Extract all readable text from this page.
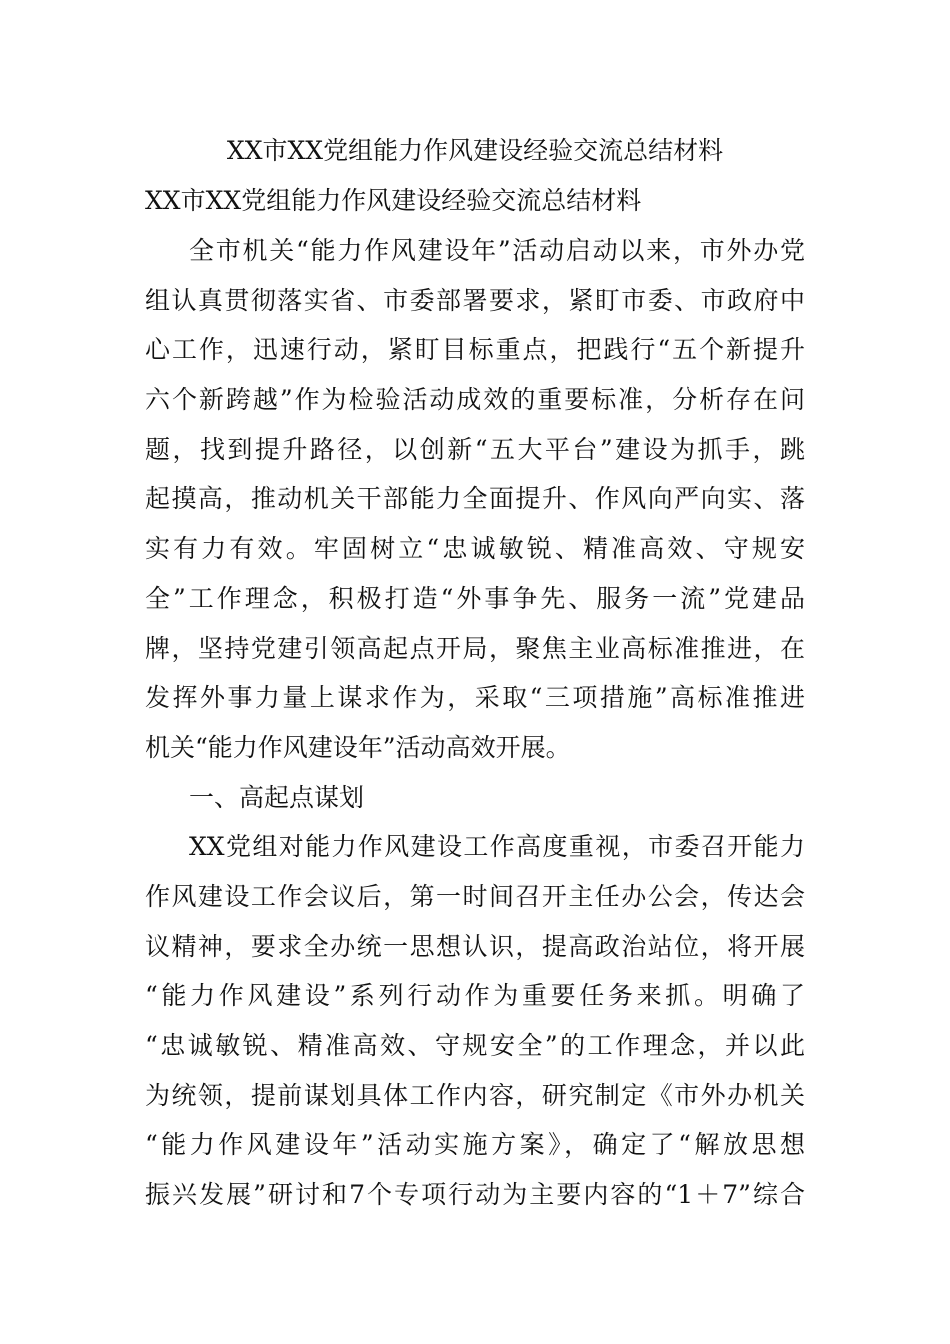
XX市XX党组能力作风建设经验交流总结材料
XX市XX党组能力作风建设经验交流总结材料
全市机关“能力作风建设年”活动启动以来，市外办党
组认真贯彻落实省、市委部署要求，紧盯市委、市政府中
心工作，迅速行动，紧盯目标重点，把践行“五个新提升
六个新跨越”作为检验活动成效的重要标准，分析存在问
题，找到提升路径，以创新“五大平台”建设为抓手，跳
起摸高，推动机关干部能力全面提升、作风向严向实、落
实有力有效。牢固树立“忠诚敏锐、精准高效、守规安
全”工作理念，积极打造“外事争先、服务一流”党建品
牌，坚持党建引领高起点开局，聚焦主业高标准推进，在
发挥外事力量上谋求作为，采取“三项措施”高标准推进
机关“能力作风建设年”活动高效开展。
一、高起点谋划
XX党组对能力作风建设工作高度重视，市委召开能力
作风建设工作会议后，第一时间召开主任办公会，传达会
议精神，要求全办统一思想认识，提高政治站位，将开展
“能力作风建设”系列行动作为重要任务来抓。明确了
“忠诚敏锐、精准高效、守规安全”的工作理念，并以此
为统领，提前谋划具体工作内容，研究制定《市外办机关
“能力作风建设年”活动实施方案》，确定了“解放思想
振兴发展”研讨和7个专项行动为主要内容的“1＋7”综合
